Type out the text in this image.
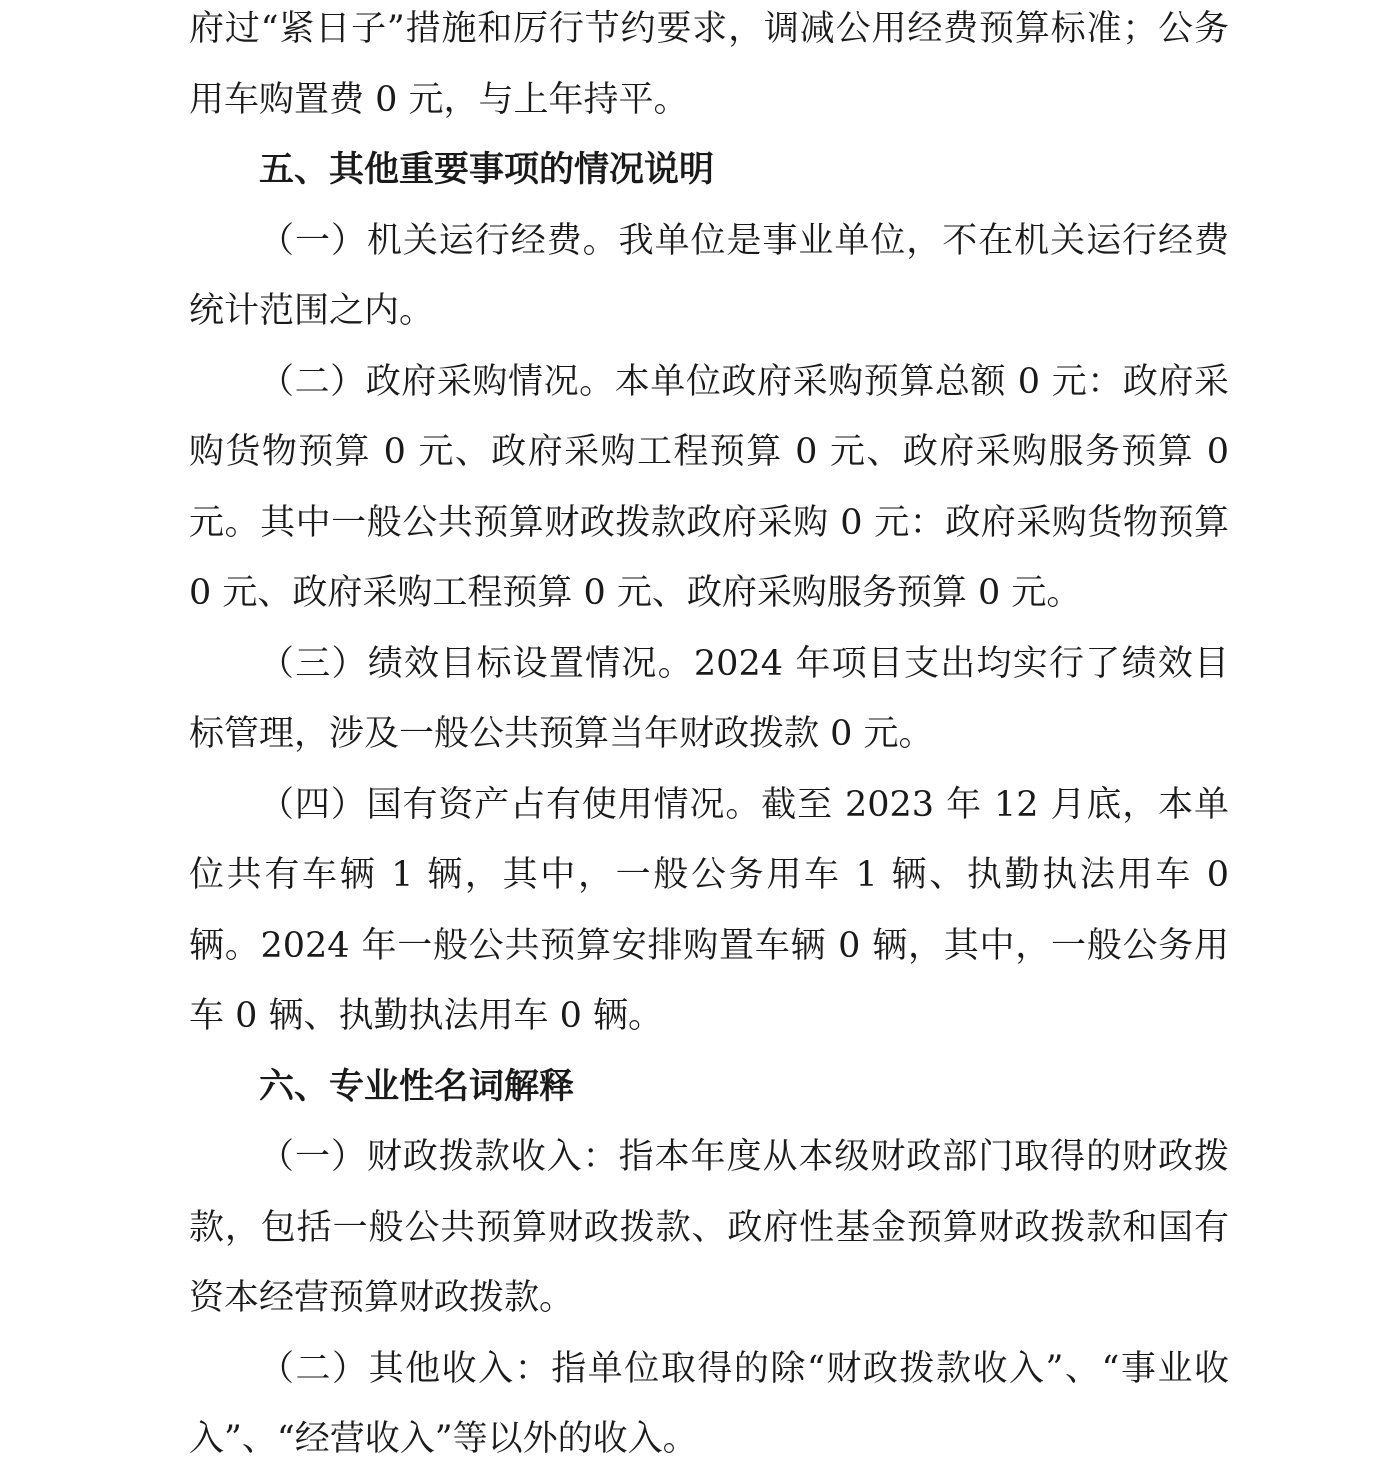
府过“紧日子”措施和厉行节约要求，调减公用经费预算标准；公务用车购置费 0 元，与上年持平。

五、其他重要事项的情况说明

（一）机关运行经费。我单位是事业单位，不在机关运行经费统计范围之内。

（二）政府采购情况。本单位政府采购预算总额 0 元：政府采购货物预算 0 元、政府采购工程预算 0 元、政府采购服务预算 0 元。其中一般公共预算财政拨款政府采购 0 元：政府采购货物预算 0 元、政府采购工程预算 0 元、政府采购服务预算 0 元。

（三）绩效目标设置情况。2024 年项目支出均实行了绩效目标管理，涉及一般公共预算当年财政拨款 0 元。

（四）国有资产占有使用情况。截至 2023 年 12 月底，本单位共有车辆 1 辆，其中，一般公务用车 1 辆、执勤执法用车 0 辆。2024 年一般公共预算安排购置车辆 0 辆，其中，一般公务用车 0 辆、执勤执法用车 0 辆。

六、专业性名词解释

（一）财政拨款收入：指本年度从本级财政部门取得的财政拨款，包括一般公共预算财政拨款、政府性基金预算财政拨款和国有资本经营预算财政拨款。

（二）其他收入：指单位取得的除“财政拨款收入”、“事业收入”、“经营收入”等以外的收入。
